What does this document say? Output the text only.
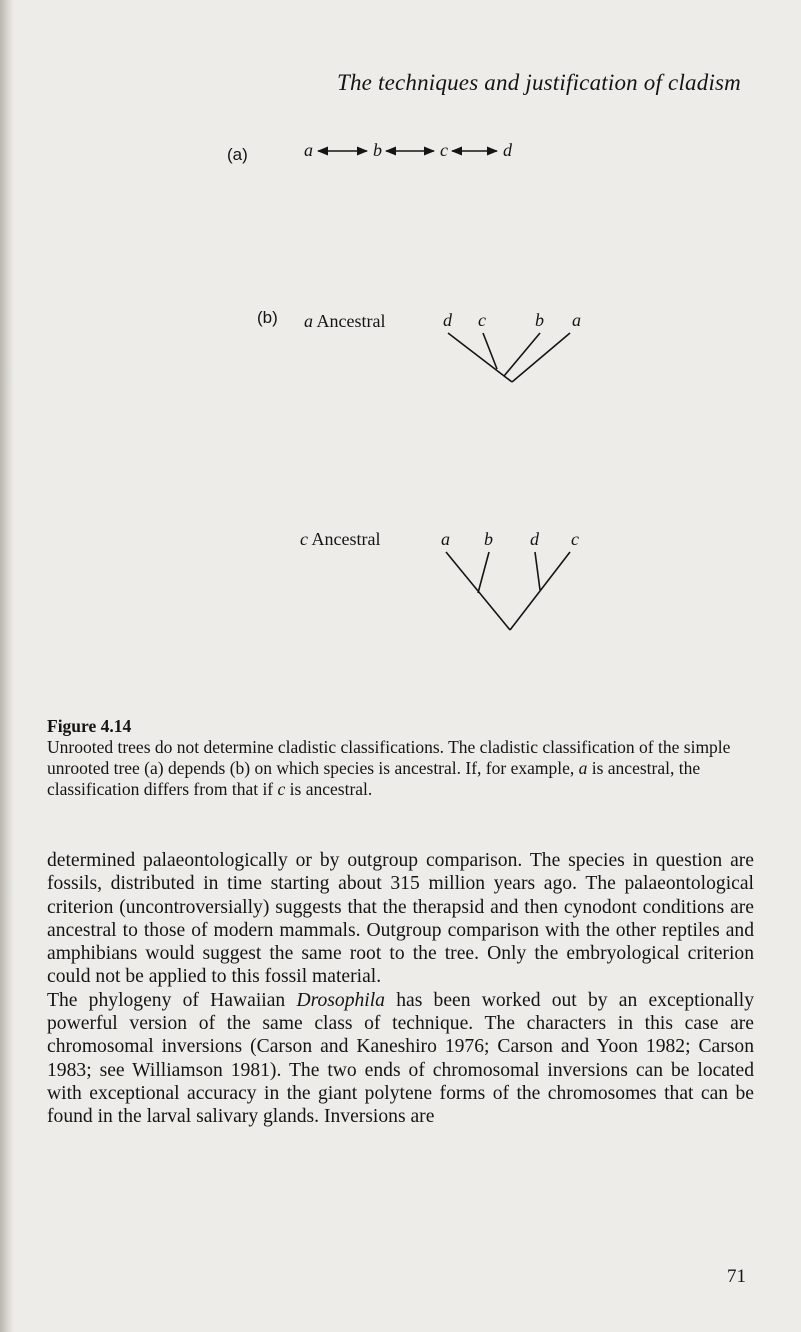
The techniques and justification of cladism
(a)	a	b	c	d
(b) a Ancestral	d c	b a
c Ancestral	a b d c
Figure 4.14
Unrooted trees do not determine cladistic classifications. The cladistic classification of the simple unrooted tree (a) depends (b) on which species is ancestral. If, for example, a is ancestral, the classification differs from that if c is ancestral.

determined palaeontologically or by outgroup comparison. The species in question are fossils, distributed in time starting about 315 million years ago. The palaeontological criterion (uncontroversially) suggests that the therapsid and then cynodont conditions are ancestral to those of modern mammals. Outgroup comparison with the other reptiles and amphibians would suggest the same root to the tree. Only the embryological criterion could not be applied to this fossil material.

The phylogeny of Hawaiian Drosophila has been worked out by an exceptionally powerful version of the same class of technique. The characters in this case are chromosomal inversions (Carson and Kaneshiro 1976; Carson and Yoon 1982; Carson 1983; see Williamson 1981). The two ends of chromosomal inversions can be located with exceptional accuracy in the giant polytene forms of the chromosomes that can be found in the larval salivary glands. Inversions are

71
